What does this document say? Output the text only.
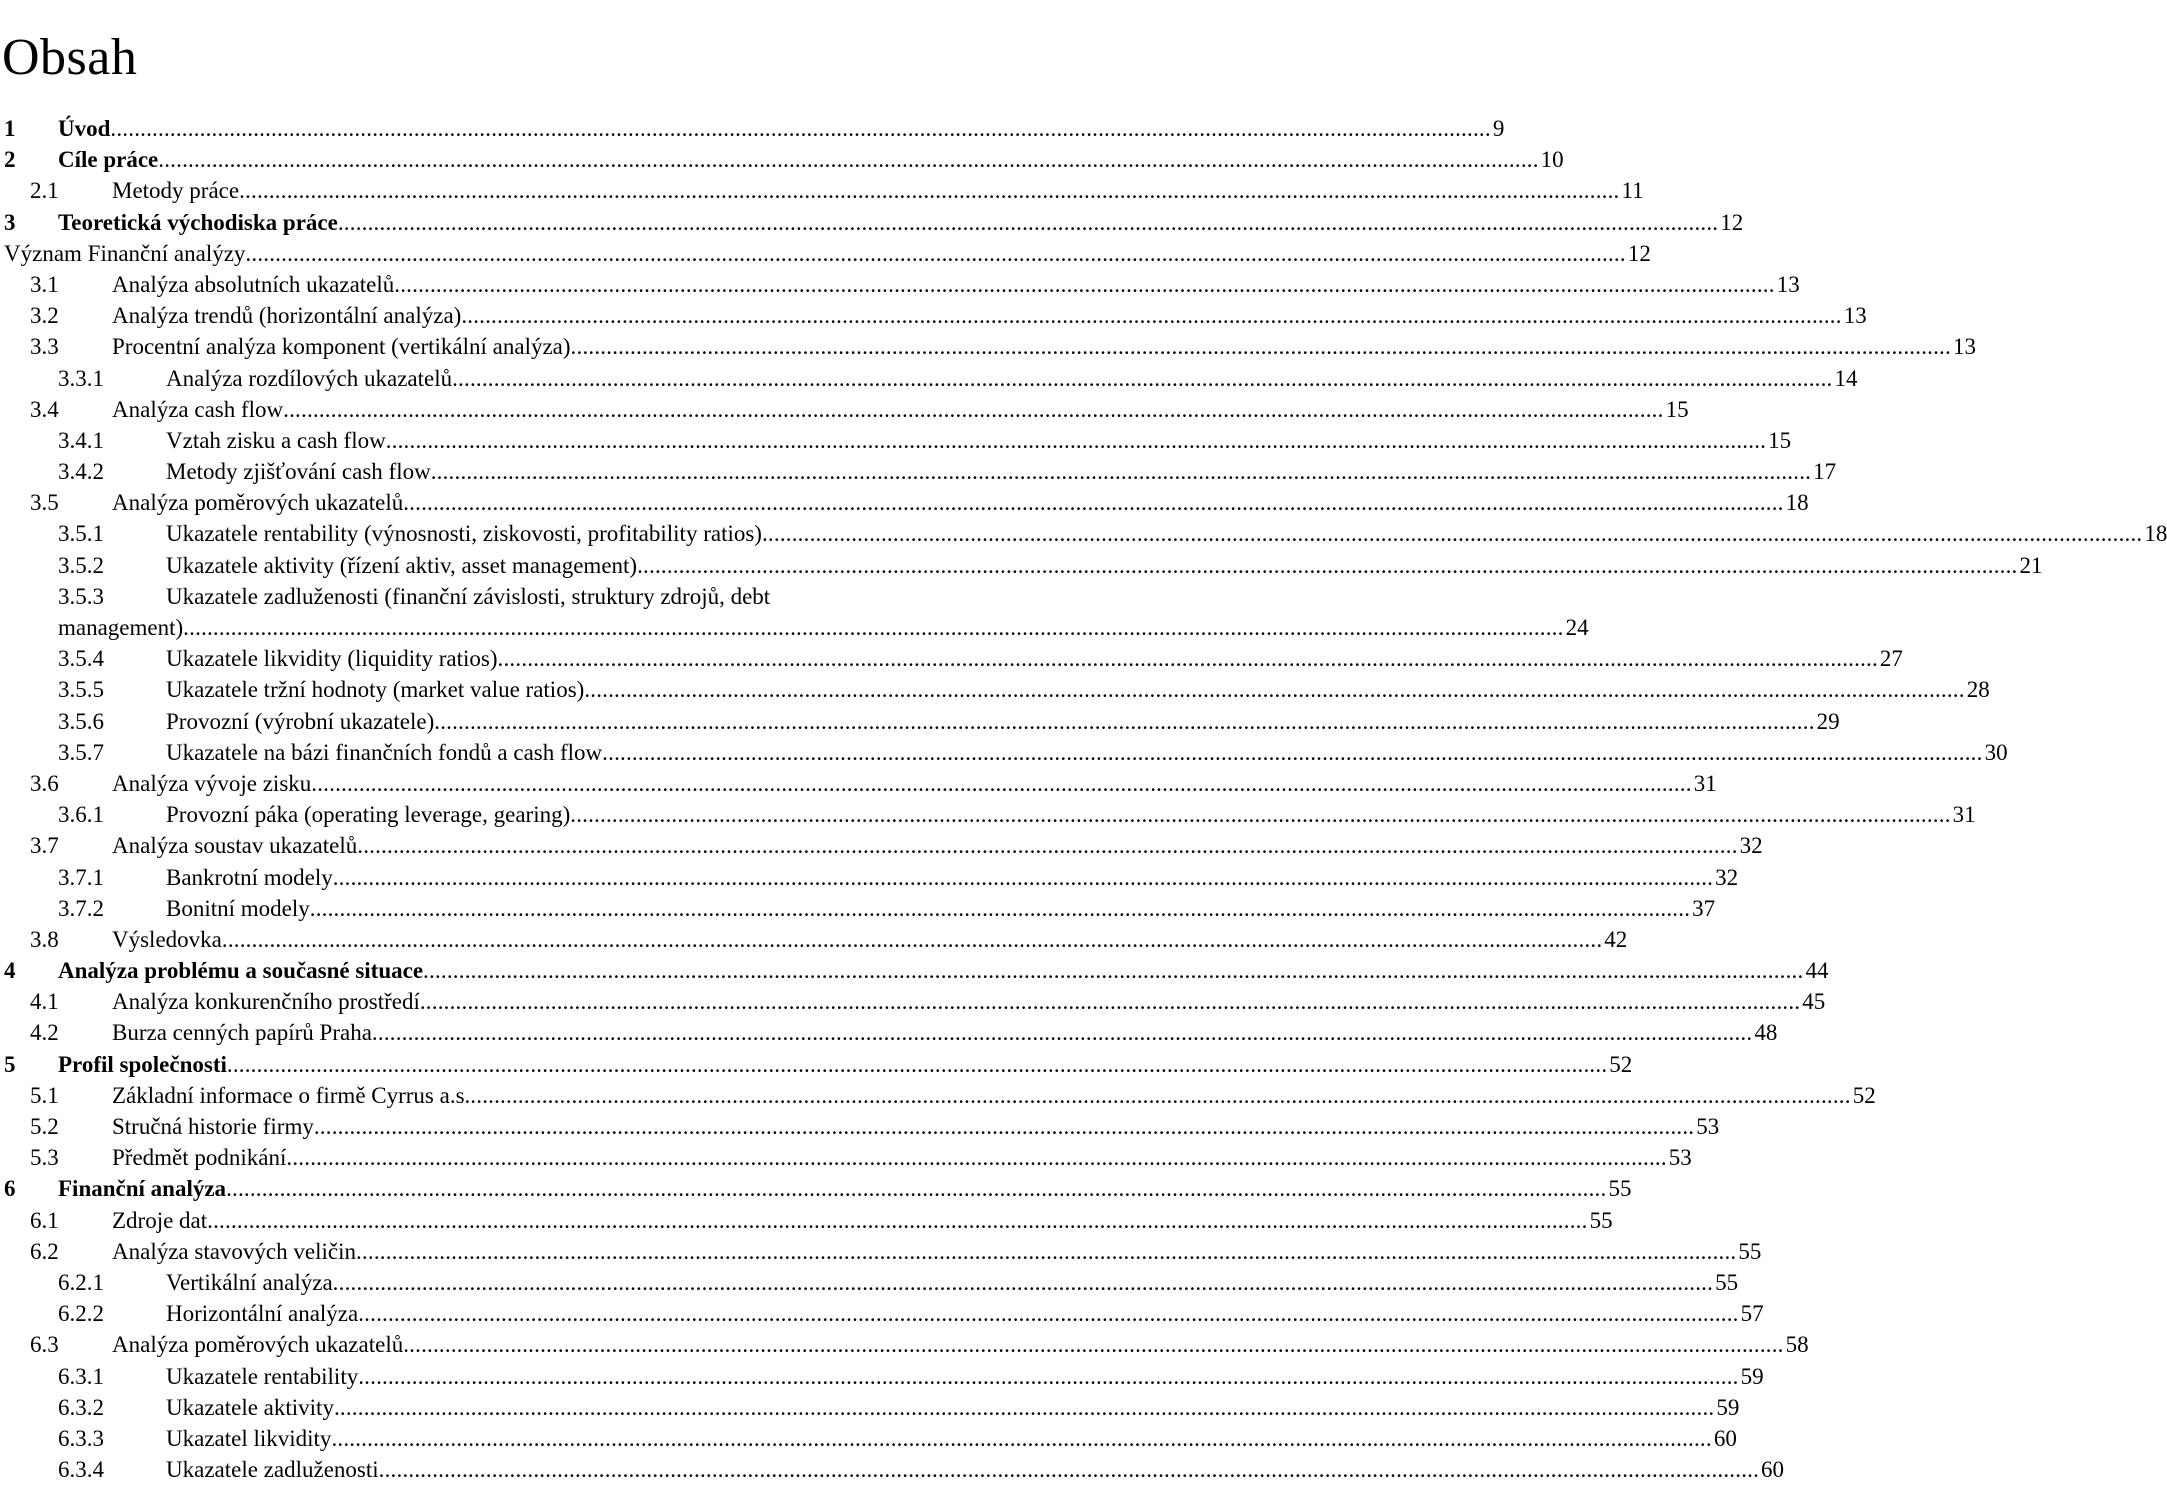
Obsah
1 Úvod .....	9
2 Cíle práce .....	10
2.1 Metody práce .....	11
3 Teoretická východiska práce .....	12
Význam Finanční analýzy .....	12
3.1 Analýza absolutních ukazatelů .....	13
3.2 Analýza trendů (horizontální analýza) .....	13
3.3 Procentní analýza komponent (vertikální analýza) .....	13
3.3.1	Analýza rozdílových ukazatelů .....	14
3.4 Analýza cash flow .....	15
3.4.1	Vztah zisku a cash flow .....	15
3.4.2	Metody zjišťování cash flow .....	17
3.5 Analýza poměrových ukazatelů .....	18
3.5.1	Ukazatele rentability (výnosnosti, ziskovosti, profitability ratios) .....	18
3.5.2	Ukazatele aktivity (řízení aktiv, asset management) .....	21
3.5.3	Ukazatele zadluženosti (finanční závislosti, struktury zdrojů, debt
management) .....	24
3.5.4	Ukazatele likvidity (liquidity ratios) .....	27
3.5.5	Ukazatele tržní hodnoty (market value ratios) .....	28
3.5.6	Provozní (výrobní ukazatele) .....	29
3.5.7	Ukazatele na bázi finančních fondů a cash flow .....	30
3.6 Analýza vývoje zisku .....	31
3.6.1	Provozní páka (operating leverage, gearing) .....	31
3.7 Analýza soustav ukazatelů .....	32
3.7.1	Bankrotní modely .....	32
3.7.2	Bonitní modely .....	37
3.8 Výsledovka .....	42
4 Analýza problému a současné situace .....	44
4.1 Analýza konkurenčního prostředí .....	45
4.2 Burza cenných papírů Praha .....	48
5 Profil společnosti .....	52
5.1 Základní informace o firmě Cyrrus a.s. .....	52
5.2 Stručná historie firmy .....	53
5.3 Předmět podnikání .....	53
6 Finanční analýza .....	55
6.1 Zdroje dat .....	55
6.2 Analýza stavových veličin .....	55
6.2.1	Vertikální analýza .....	55
6.2.2	Horizontální analýza .....	57
6.3 Analýza poměrových ukazatelů .....	58
6.3.1	Ukazatele rentability .....	59
6.3.2	Ukazatele aktivity .....	59
6.3.3	Ukazatel likvidity .....	60
6.3.4	Ukazatele zadluženosti .....	60
